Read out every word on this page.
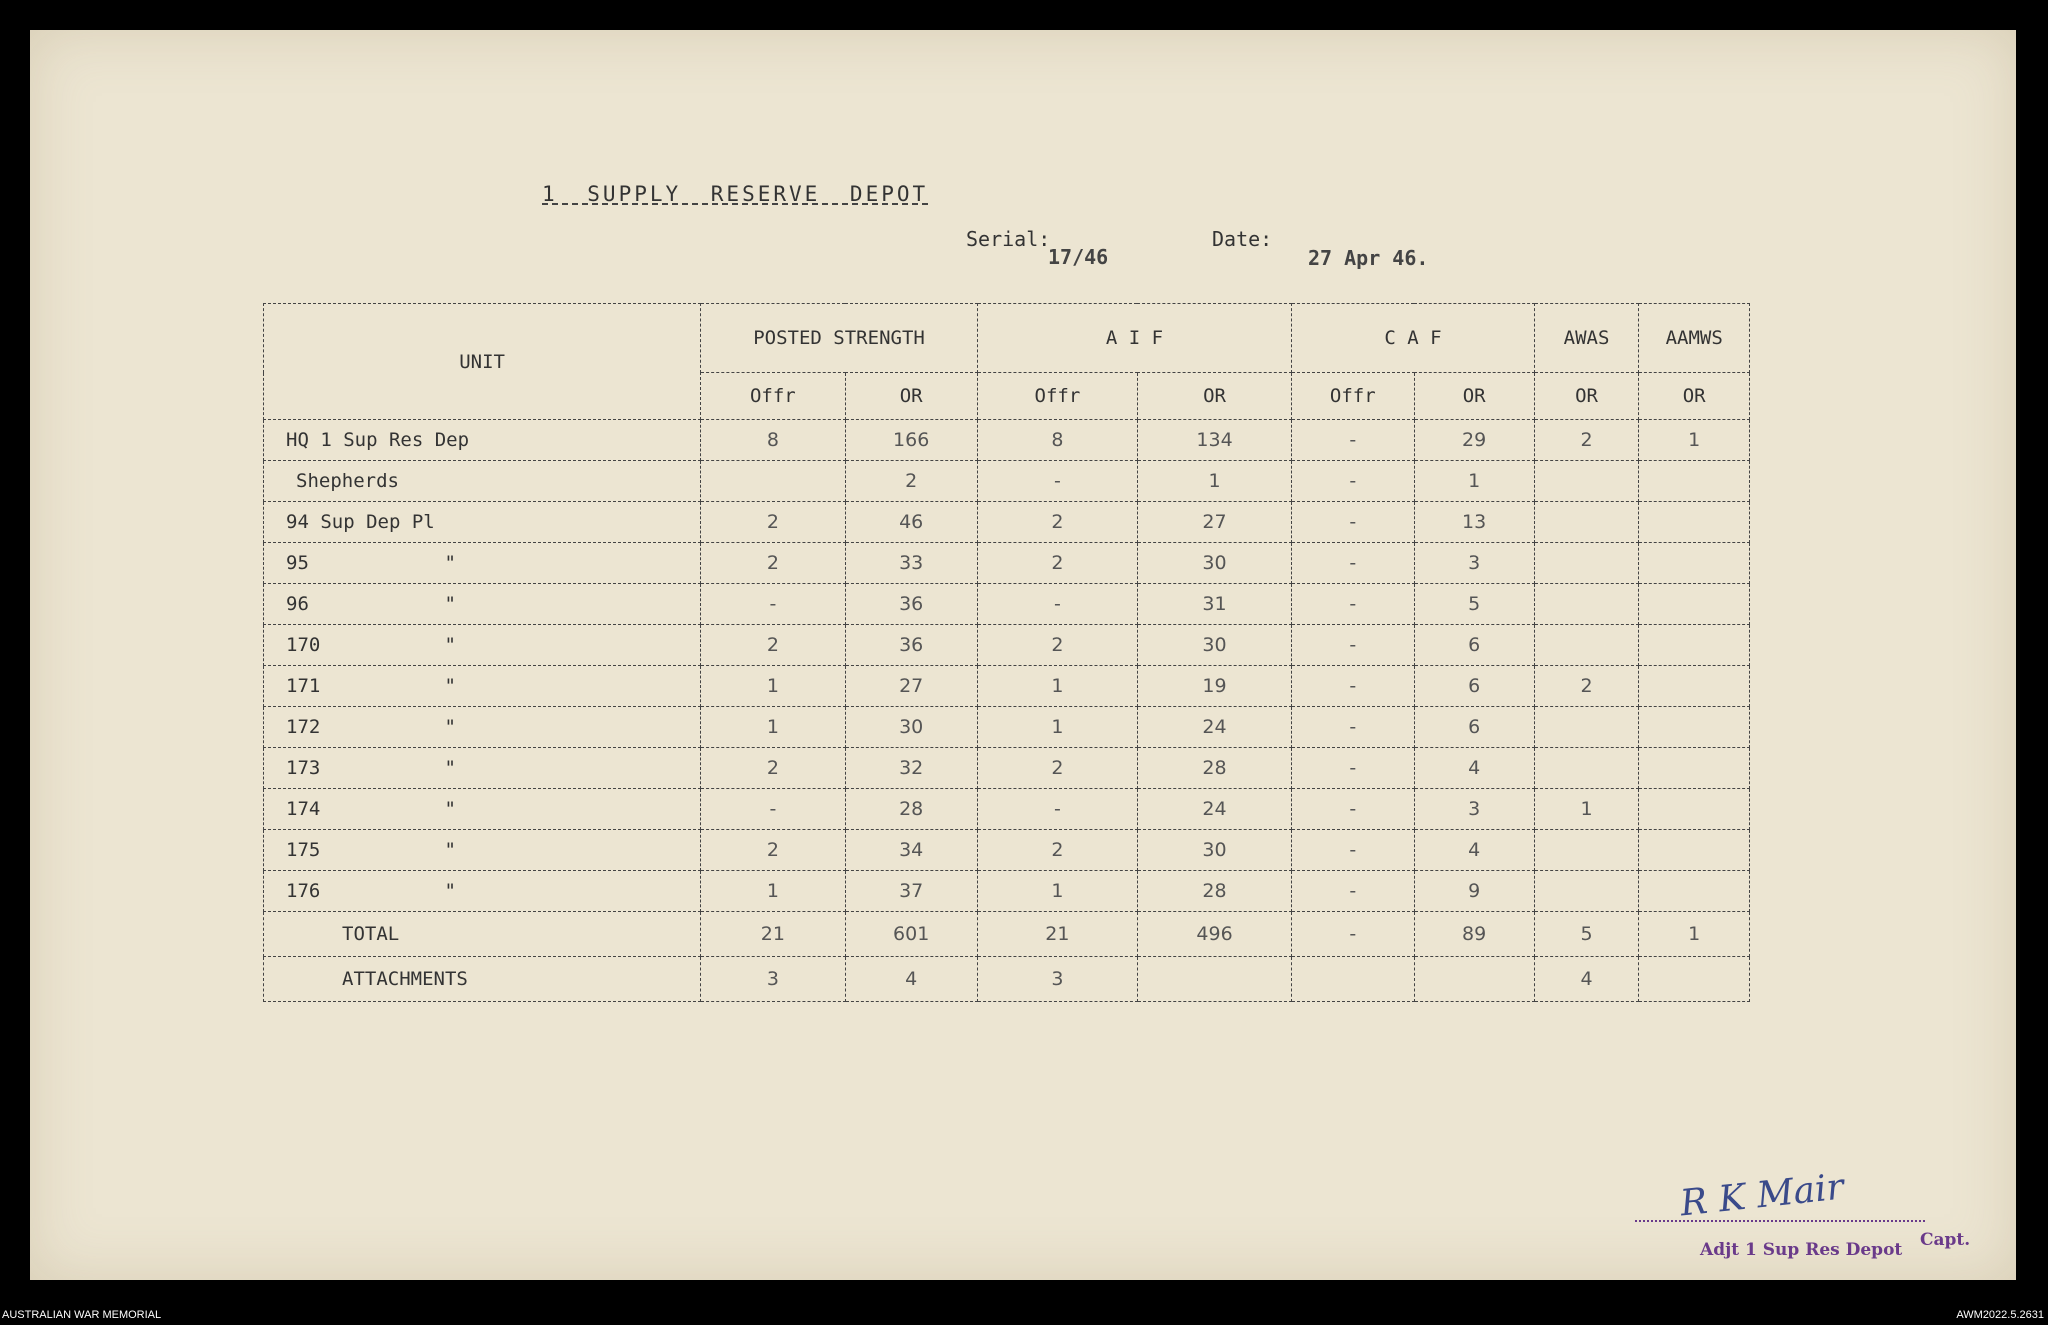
1 SUPPLY RESERVE DEPOT
Serial:
17/46
Date:
27 Apr 46.
UNIT	POSTED STRENGTH		A I F		C A F		AWAS	AAMWS
	Offr	OR	Offr	OR	Offr	OR	OR	OR
HQ 1 Sup Res Dep	8	166	8	134	-	29	2	1
Shepherds		2	-	1	-	1		
94 Sup Dep Pl	2	46	2	27	-	13		
95 "	2	33	2	30	-	3		
96 "	-	36	-	31	-	5		
170 "	2	36	2	30	-	6		
171 "	1	27	1	19	-	6	2	
172 "	1	30	1	24	-	6		
173 "	2	32	2	28	-	4		
174 "	-	28	-	24	-	3	1	
175 "	2	34	2	30	-	4		
176 "	1	37	1	28	-	9		
TOTAL	21	601	21	496	-	89	5	1
ATTACHMENTS	3	4	3				4	
R K Mair
Capt.
Adjt 1 Sup Res Depot
AUSTRALIAN WAR MEMORIAL	AWM2022.5.2631
